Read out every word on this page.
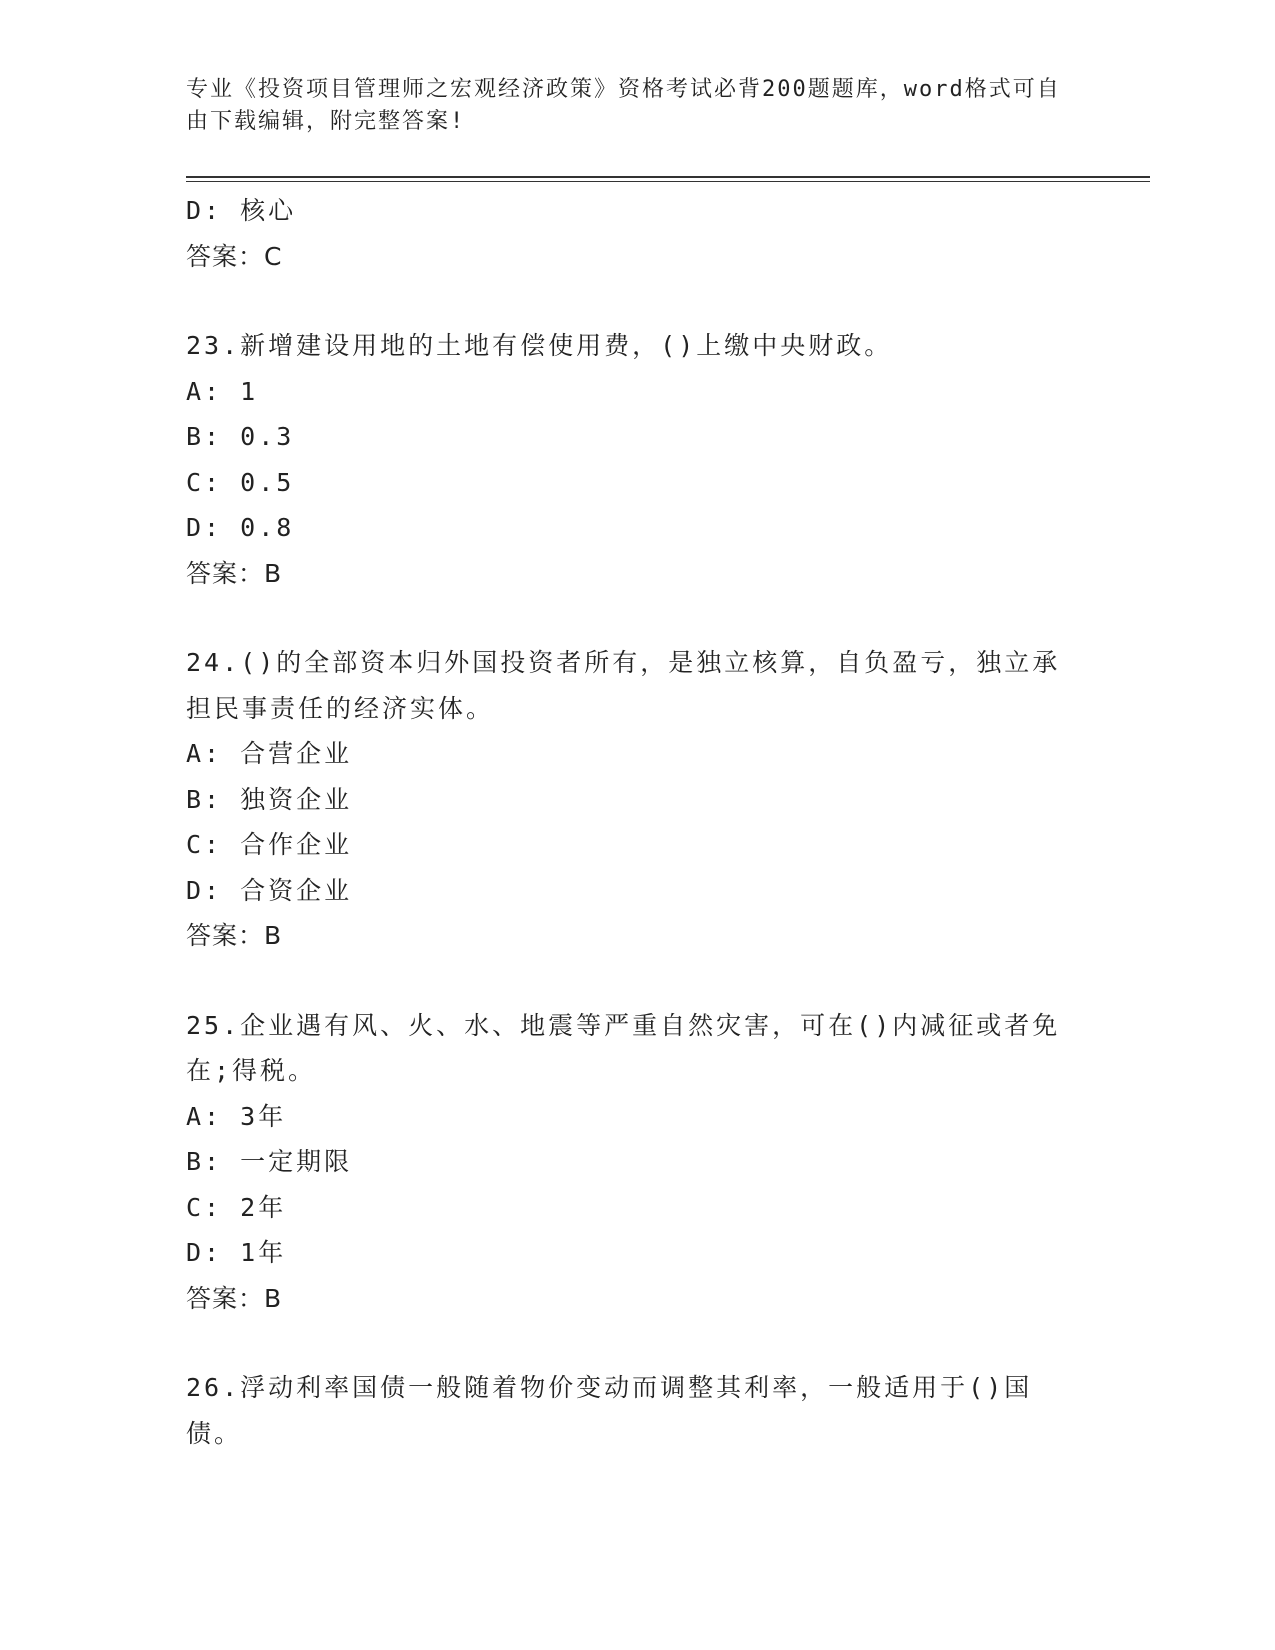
专业《投资项目管理师之宏观经济政策》资格考试必背200题题库，word格式可自由下载编辑，附完整答案!
D: 核心
答案：C
23.新增建设用地的土地有偿使用费，()上缴中央财政。
A: 1
B: 0.3
C: 0.5
D: 0.8
答案：B
24.()的全部资本归外国投资者所有，是独立核算，自负盈亏，独立承担民事责任的经济实体。
A: 合营企业
B: 独资企业
C: 合作企业
D: 合资企业
答案：B
25.企业遇有风、火、水、地震等严重自然灾害，可在()内减征或者免在;得税。
A: 3年
B: 一定期限
C: 2年
D: 1年
答案：B
26.浮动利率国债一般随着物价变动而调整其利率，一般适用于()国债。
